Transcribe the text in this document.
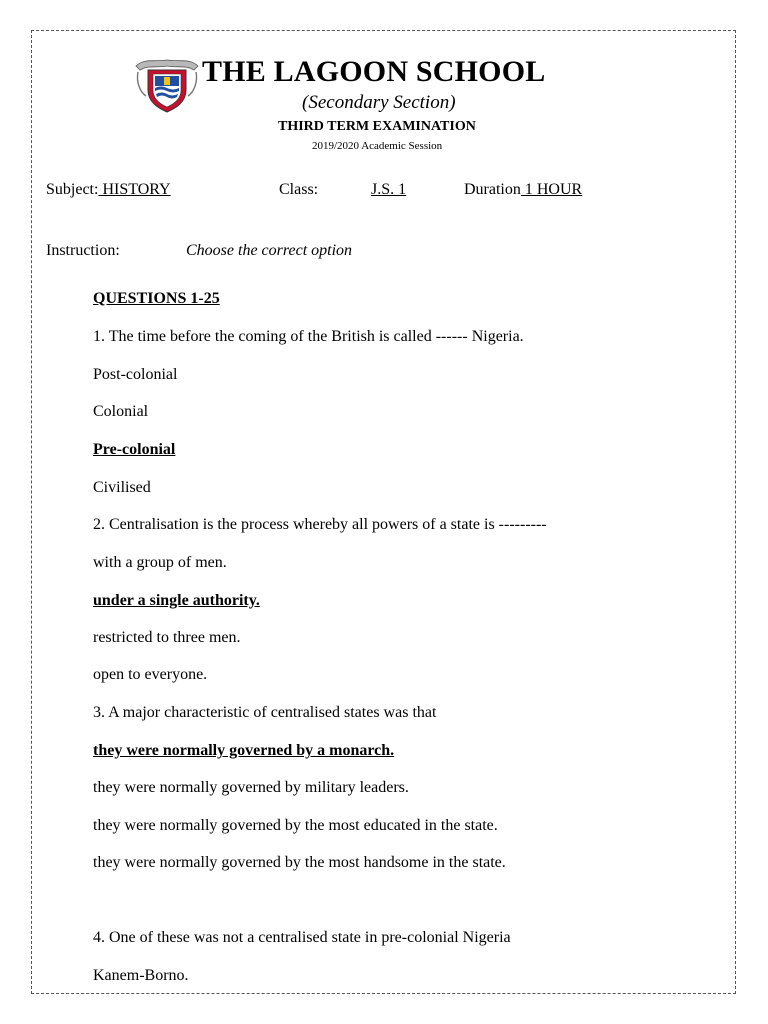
THE LAGOON SCHOOL
(Secondary Section)
THIRD TERM EXAMINATION
2019/2020 Academic Session
Subject: HISTORY	Class:	J.S. 1	Duration 1 HOUR
Instruction:	Choose the correct option
QUESTIONS 1-25
1. The time before the coming of the British is called ------ Nigeria.
Post-colonial
Colonial
Pre-colonial
Civilised
2. Centralisation is the process whereby all powers of a state is ---------
with a group of men.
under a single authority.
restricted to three men.
open to everyone.
3. A major characteristic of centralised states was that
they were normally governed by a monarch.
they were normally governed by military leaders.
they were normally governed by the most educated in the state.
they were normally governed by the most handsome in the state.
4. One of these was not a centralised state in pre-colonial Nigeria
Kanem-Borno.
